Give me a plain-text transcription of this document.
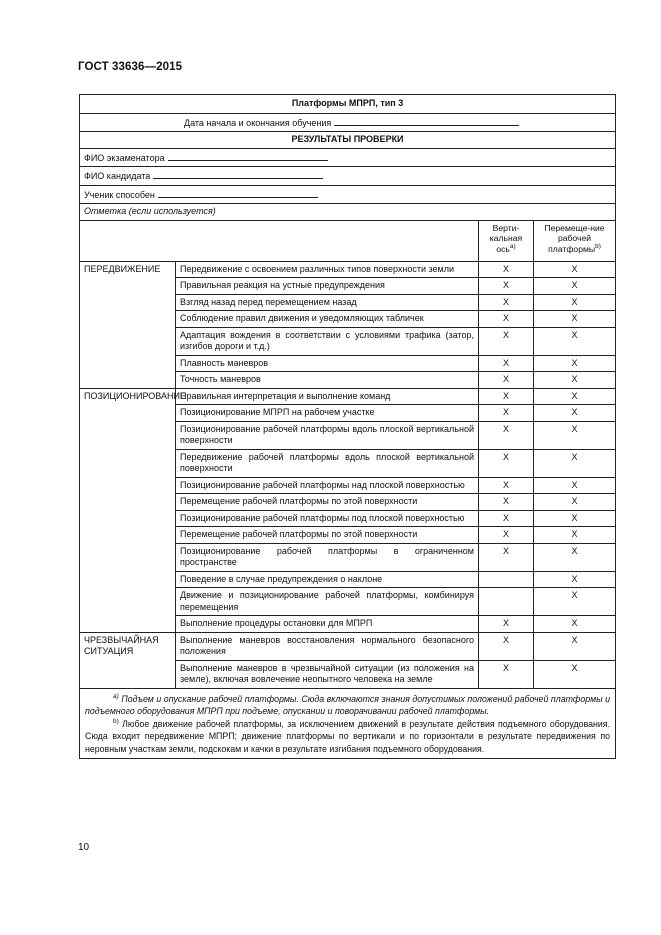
ГОСТ 33636—2015
Платформы МПРП, тип 3			
Дата начала и окончания обучения			
РЕЗУЛЬТАТЫ ПРОВЕРКИ			
ФИО экзаменатора			
ФИО кандидата			
Ученик способен			
Отметка (если используется)			
		Верти-кальная ось$^{а)}$	Перемеще-ние рабочей платформы$^{b)}$
ПЕРЕДВИЖЕНИЕ	Передвижение с освоением различных типов поверхности земли	X	X
	Правильная реакция на устные предупреждения	X	X
	Взгляд назад перед перемещением назад	X	X
	Соблюдение правил движения и уведомляющих табличек	X	X
	Адаптация вождения в соответствии с условиями трафика (затор, изгибов дороги и т.д.)	X	X
	Плавность маневров	X	X
	Точность маневров	X	X
ПОЗИЦИОНИРОВАНИЕ	Правильная интерпретация и выполнение команд	X	X
	Позиционирование МПРП на рабочем участке	X	X
	Позиционирование рабочей платформы вдоль плоской вертикальной поверхности	X	X
	Передвижение рабочей платформы вдоль плоской вертикальной поверхности	X	X
	Позиционирование рабочей платформы над плоской поверхностью	X	X
	Перемещение рабочей платформы по этой поверхности	X	X
	Позиционирование рабочей платформы под плоской поверхностью	X	X
	Перемещение рабочей платформы по этой поверхности	X	X
	Позиционирование рабочей платформы в ограниченном пространстве	X	X
	Поведение в случае предупреждения о наклоне		X
	Движение и позиционирование рабочей платформы, комбинируя перемещения		X
	Выполнение процедуры остановки для МПРП	X	X
ЧРЕЗВЫЧАЙНАЯ СИТУАЦИЯ	Выполнение маневров восстановления нормального безопасного положения	X	X
	Выполнение маневров в чрезвычайной ситуации (из положения на земле), включая вовлечение неопытного человека на земле	X	X

$^{а)}$ Подъем и опускание рабочей платформы. Сюда включаются знания допустимых положений рабочей платформы и подъемного оборудования МПРП при подъеме, опускании и поворачивании рабочей платформы.
$^{b)}$ Любое движение рабочей платформы, за исключением движений в результате действия подъемного оборудования. Сюда входит передвижение МПРП; движение платформы по вертикали и по горизонтали в результате передвижения по неровным участкам земли, подскокам и качки в результате изгибания подъемного оборудования.			
10
